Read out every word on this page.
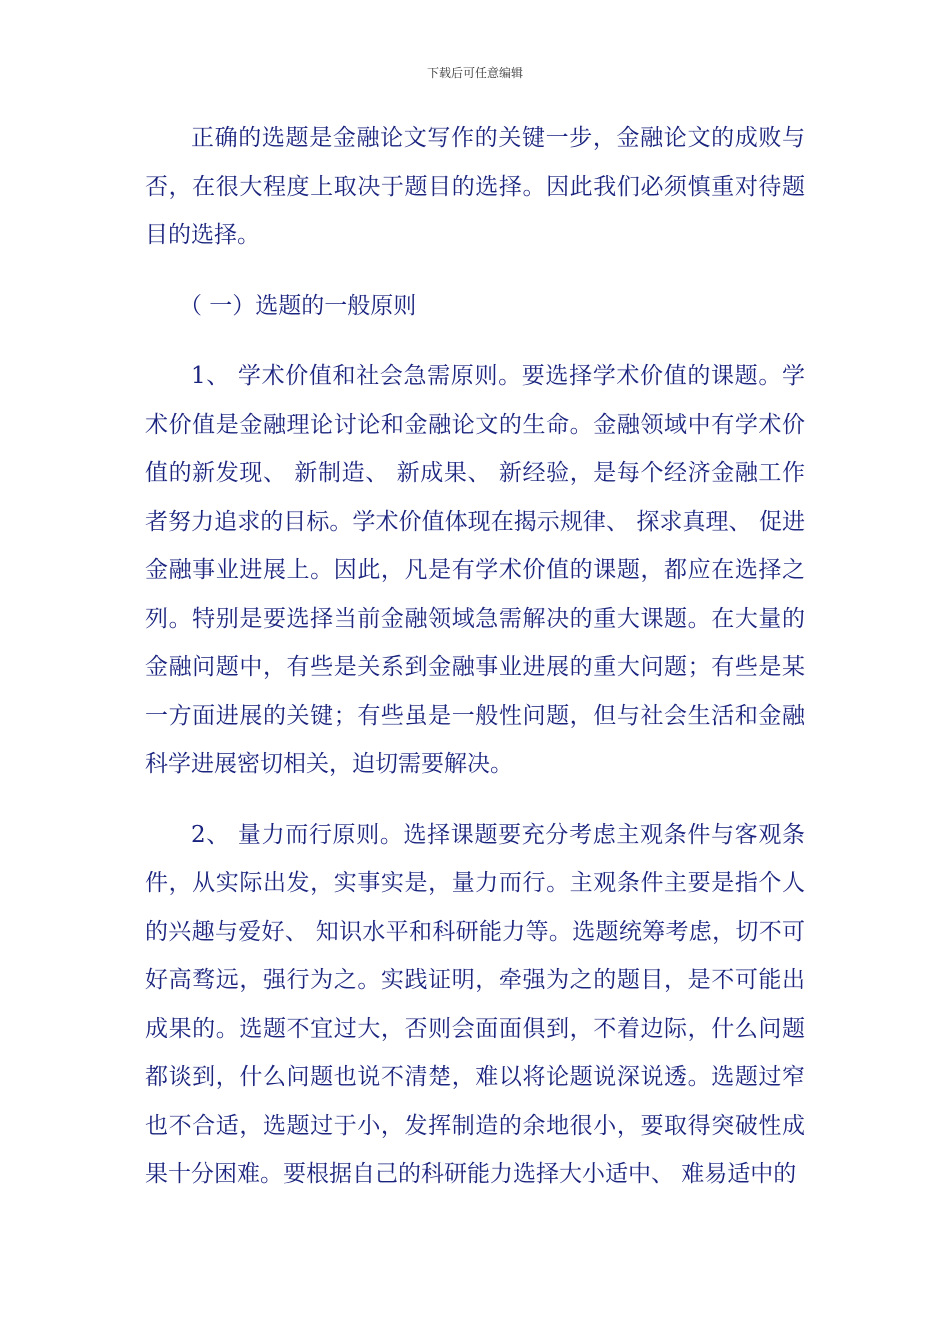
下载后可任意编辑

正确的选题是金融论文写作的关键一步，金融论文的成败与否，在很大程度上取决于题目的选择。因此我们必须慎重对待题目的选择。

（ 一）选题的一般原则

1、 学术价值和社会急需原则。要选择学术价值的课题。学术价值是金融理论讨论和金融论文的生命。金融领域中有学术价值的新发现、 新制造、 新成果、 新经验，是每个经济金融工作者努力追求的目标。学术价值体现在揭示规律、 探求真理、 促进金融事业进展上。因此，凡是有学术价值的课题，都应在选择之列。特别是要选择当前金融领域急需解决的重大课题。在大量的金融问题中，有些是关系到金融事业进展的重大问题；有些是某一方面进展的关键；有些虽是一般性问题，但与社会生活和金融科学进展密切相关，迫切需要解决。

2、 量力而行原则。选择课题要充分考虑主观条件与客观条件，从实际出发，实事实是，量力而行。主观条件主要是指个人的兴趣与爱好、 知识水平和科研能力等。选题统筹考虑，切不可好高骛远，强行为之。实践证明，牵强为之的题目，是不可能出成果的。选题不宜过大，否则会面面俱到，不着边际，什么问题都谈到，什么问题也说不清楚，难以将论题说深说透。选题过窄也不合适，选题过于小，发挥制造的余地很小，要取得突破性成果十分困难。要根据自己的科研能力选择大小适中、 难易适中的
